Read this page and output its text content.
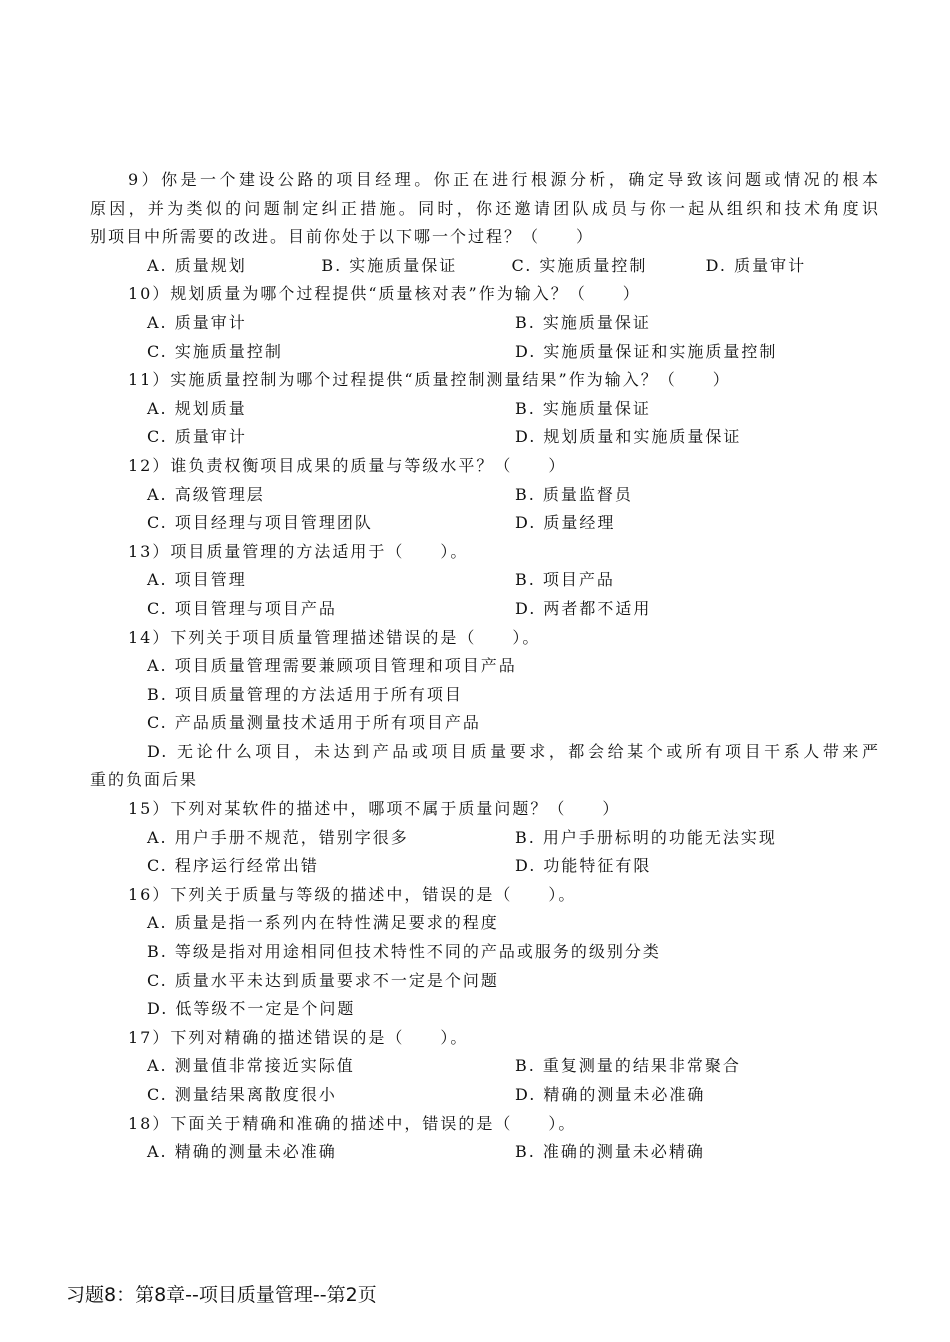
9）你是一个建设公路的项目经理。你正在进行根源分析，确定导致该问题或情况的根本
原因，并为类似的问题制定纠正措施。同时，你还邀请团队成员与你一起从组织和技术角度识
别项目中所需要的改进。目前你处于以下哪一个过程？（　　）
A. 质量规划	B. 实施质量保证	C. 实施质量控制	D. 质量审计
10）规划质量为哪个过程提供“质量核对表”作为输入？（　　）
A. 质量审计	B. 实施质量保证
C. 实施质量控制	D. 实施质量保证和实施质量控制
11）实施质量控制为哪个过程提供“质量控制测量结果”作为输入？（　　）
A. 规划质量	B. 实施质量保证
C. 质量审计	D. 规划质量和实施质量保证
12）谁负责权衡项目成果的质量与等级水平？（　　）
A. 高级管理层	B. 质量监督员
C. 项目经理与项目管理团队	D. 质量经理
13）项目质量管理的方法适用于（　　）。
A. 项目管理	B. 项目产品
C. 项目管理与项目产品	D. 两者都不适用
14）下列关于项目质量管理描述错误的是（　　）。
A. 项目质量管理需要兼顾项目管理和项目产品
B. 项目质量管理的方法适用于所有项目
C. 产品质量测量技术适用于所有项目产品
D. 无论什么项目，未达到产品或项目质量要求，都会给某个或所有项目干系人带来严
重的负面后果
15）下列对某软件的描述中，哪项不属于质量问题？（　　）
A. 用户手册不规范，错别字很多	B. 用户手册标明的功能无法实现
C. 程序运行经常出错	D. 功能特征有限
16）下列关于质量与等级的描述中，错误的是（　　）。
A. 质量是指一系列内在特性满足要求的程度
B. 等级是指对用途相同但技术特性不同的产品或服务的级别分类
C. 质量水平未达到质量要求不一定是个问题
D. 低等级不一定是个问题
17）下列对精确的描述错误的是（　　）。
A. 测量值非常接近实际值	B. 重复测量的结果非常聚合
C. 测量结果离散度很小	D. 精确的测量未必准确
18）下面关于精确和准确的描述中，错误的是（　　）。
A. 精确的测量未必准确	B. 准确的测量未必精确
习题8：第8章--项目质量管理--第2页
